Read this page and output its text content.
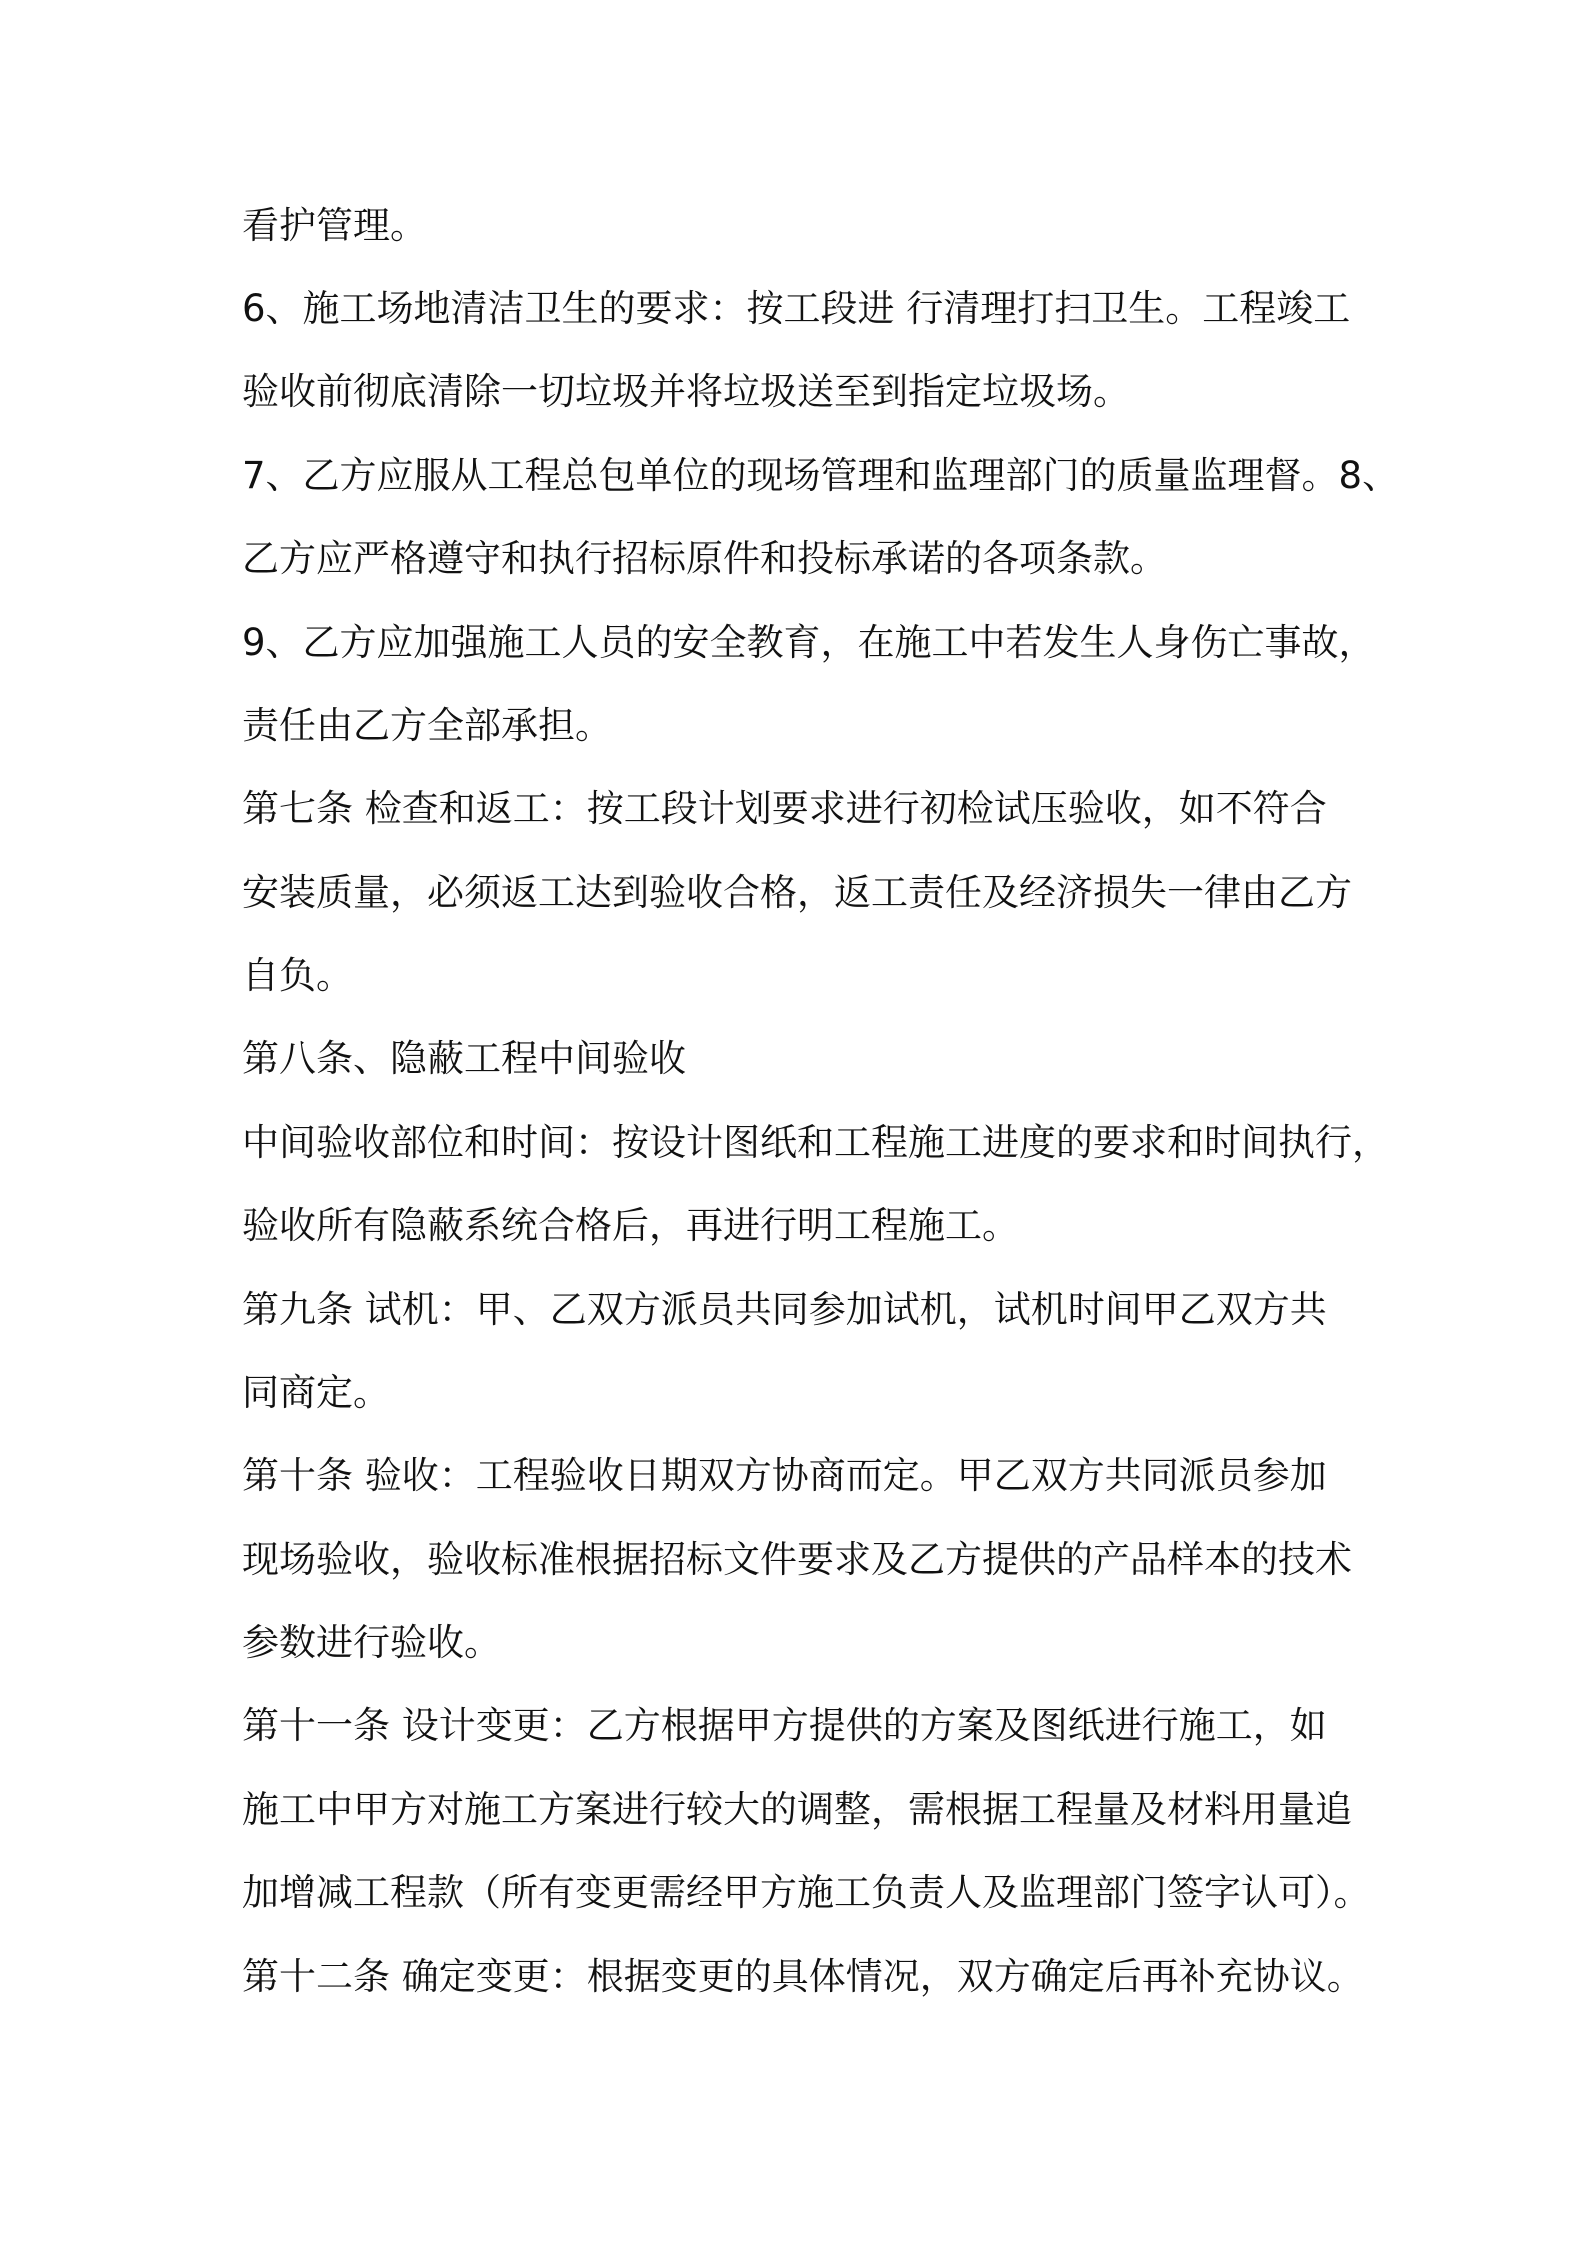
看护管理。
6、施工场地清洁卫生的要求：按工段进 行清理打扫卫生。工程竣工
验收前彻底清除一切垃圾并将垃圾送至到指定垃圾场。
7、乙方应服从工程总包单位的现场管理和监理部门的质量监理督。8、
乙方应严格遵守和执行招标原件和投标承诺的各项条款。
9、乙方应加强施工人员的安全教育，在施工中若发生人身伤亡事故，
责任由乙方全部承担。
第七条 检查和返工：按工段计划要求进行初检试压验收，如不符合
安装质量，必须返工达到验收合格，返工责任及经济损失一律由乙方
自负。
第八条、隐蔽工程中间验收
中间验收部位和时间：按设计图纸和工程施工进度的要求和时间执行，
验收所有隐蔽系统合格后，再进行明工程施工。
第九条 试机：甲、乙双方派员共同参加试机，试机时间甲乙双方共
同商定。
第十条 验收：工程验收日期双方协商而定。甲乙双方共同派员参加
现场验收，验收标准根据招标文件要求及乙方提供的产品样本的技术
参数进行验收。
第十一条 设计变更：乙方根据甲方提供的方案及图纸进行施工，如
施工中甲方对施工方案进行较大的调整，需根据工程量及材料用量追
加增减工程款（所有变更需经甲方施工负责人及监理部门签字认可）。
第十二条 确定变更：根据变更的具体情况，双方确定后再补充协议。
